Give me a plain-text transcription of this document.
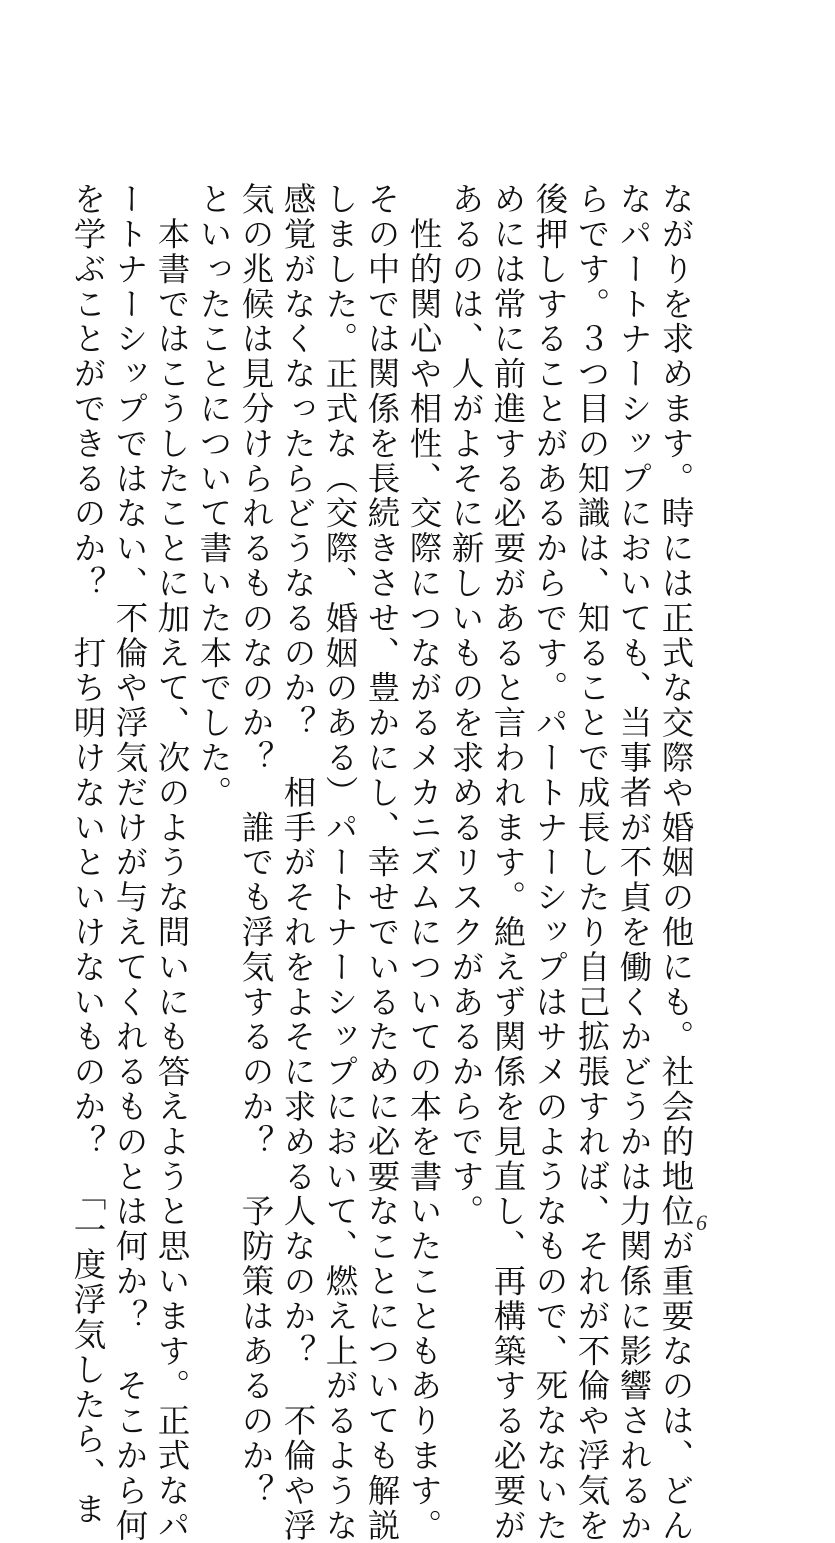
ながりを求めます。時には正式な交際や婚姻の他にも。社会的地位が重要なのは、どん
なパートナーシップにおいても、当事者が不貞を働くかどうかは力関係に影響されるか
らです。３つ目の知識は、知ることで成長したり自己拡張すれば、それが不倫や浮気を
後押しすることがあるからです。パートナーシップはサメのようなもので、死なないた
めには常に前進する必要があると言われます。絶えず関係を見直し、再構築する必要が
あるのは、人がよそに新しいものを求めるリスクがあるからです。
　性的関心や相性、交際につながるメカニズムについての本を書いたこともあります。
その中では関係を長続きさせ、豊かにし、幸せでいるために必要なことについても解説
しました。正式な（交際、婚姻のある）パートナーシップにおいて、燃え上がるような
感覚がなくなったらどうなるのか？　相手がそれをよそに求める人なのか？　不倫や浮
気の兆候は見分けられるものなのか？　誰でも浮気するのか？　予防策はあるのか？
といったことについて書いた本でした。
　本書ではこうしたことに加えて、次のような問いにも答えようと思います。正式なパ
ートナーシップではない、不倫や浮気だけが与えてくれるものとは何か？　そこから何
を学ぶことができるのか？　打ち明けないといけないものか？　「一度浮気したら、ま	6
